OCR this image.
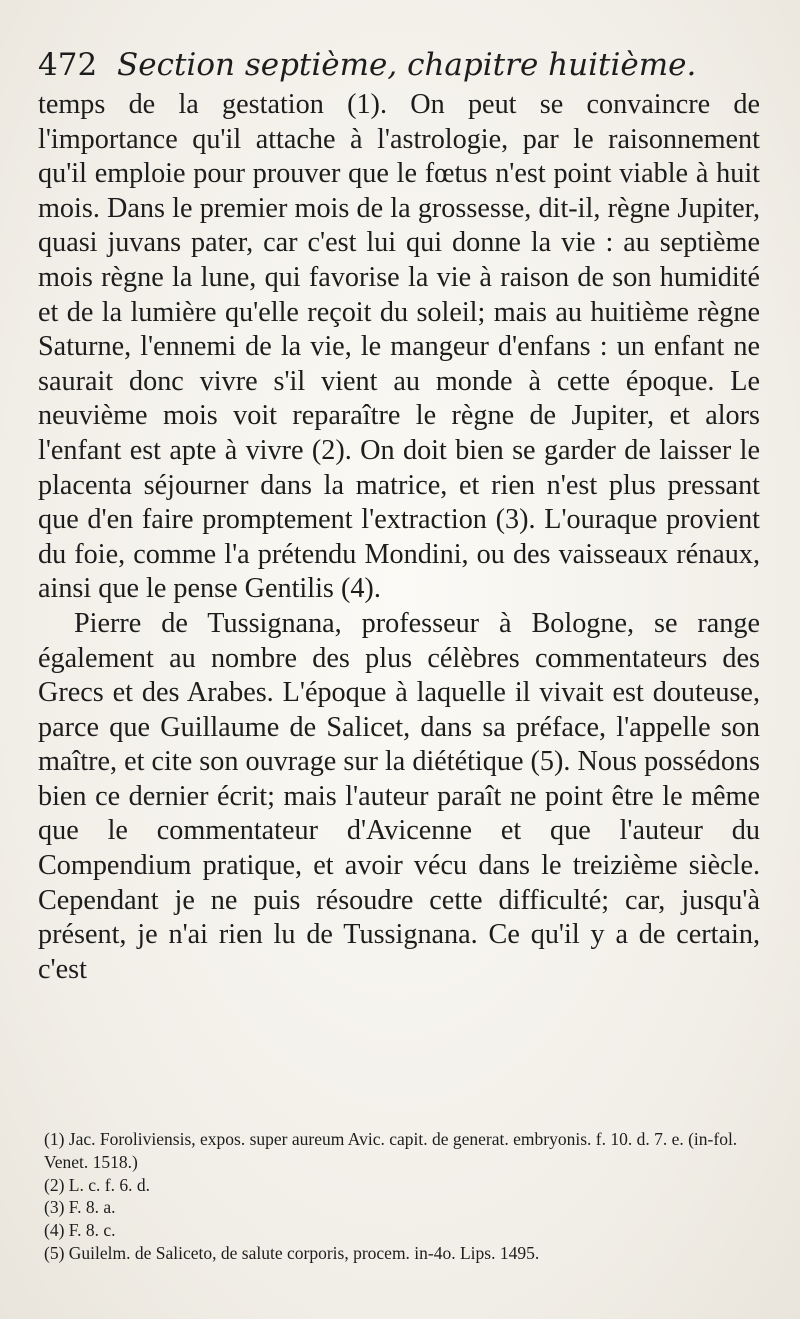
472 Section septième, chapitre huitième.

temps de la gestation (1). On peut se convaincre de l'importance qu'il attache à l'astrologie, par le raisonnement qu'il emploie pour prouver que le fœtus n'est point viable à huit mois. Dans le premier mois de la grossesse, dit-il, règne Jupiter, quasi juvans pater, car c'est lui qui donne la vie : au septième mois règne la lune, qui favorise la vie à raison de son humidité et de la lumière qu'elle reçoit du soleil; mais au huitième règne Saturne, l'ennemi de la vie, le mangeur d'enfans : un enfant ne saurait donc vivre s'il vient au monde à cette époque. Le neuvième mois voit reparaître le règne de Jupiter, et alors l'enfant est apte à vivre (2). On doit bien se garder de laisser le placenta séjourner dans la matrice, et rien n'est plus pressant que d'en faire promptement l'extraction (3). L'ouraque provient du foie, comme l'a prétendu Mondini, ou des vaisseaux rénaux, ainsi que le pense Gentilis (4).

Pierre de Tussignana, professeur à Bologne, se range également au nombre des plus célèbres commentateurs des Grecs et des Arabes. L'époque à laquelle il vivait est douteuse, parce que Guillaume de Salicet, dans sa préface, l'appelle son maître, et cite son ouvrage sur la diététique (5). Nous possédons bien ce dernier écrit; mais l'auteur paraît ne point être le même que le commentateur d'Avicenne et que l'auteur du Compendium pratique, et avoir vécu dans le treizième siècle. Cependant je ne puis résoudre cette difficulté; car, jusqu'à présent, je n'ai rien lu de Tussignana. Ce qu'il y a de certain, c'est

(1) Jac. Foroliviensis, expos. super aureum Avic. capit. de generat. embryonis. f. 10. d. 7. e. (in-fol. Venet. 1518.)
(2) L. c. f. 6. d.
(3) F. 8. a.
(4) F. 8. c.
(5) Guilelm. de Saliceto, de salute corporis, procem. in-4o. Lips. 1495.
